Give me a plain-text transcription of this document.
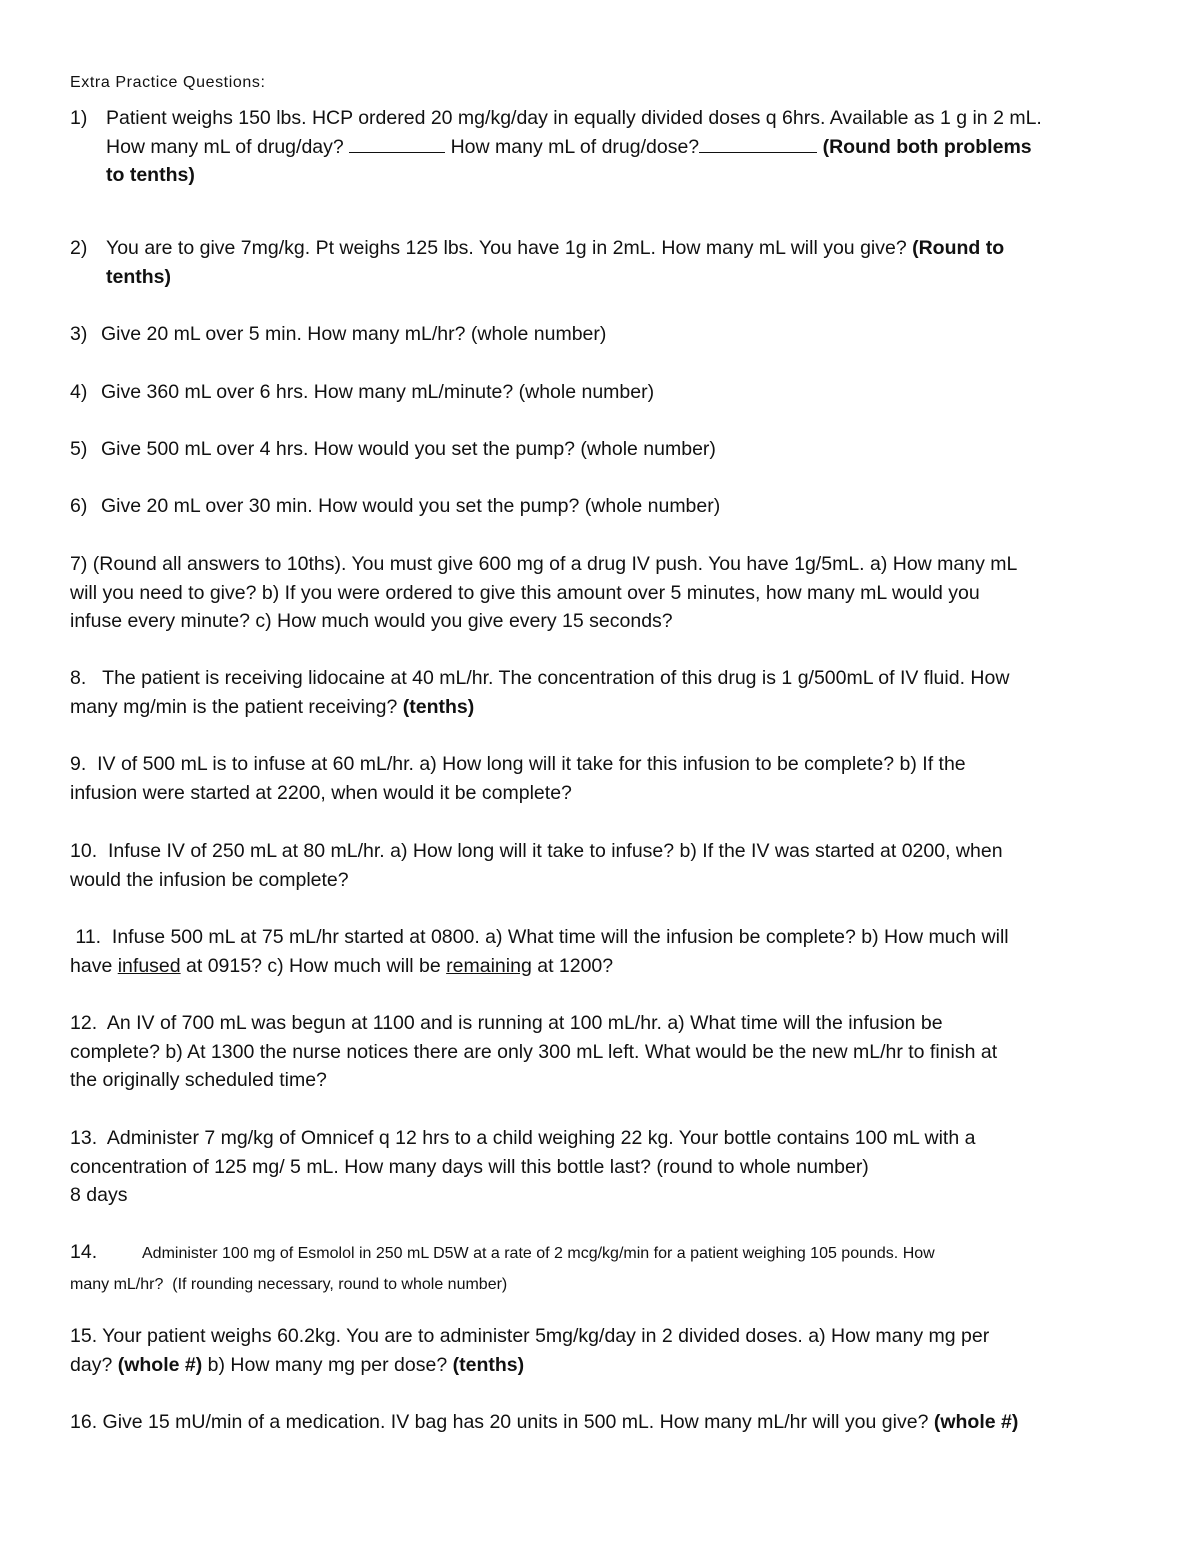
Extra Practice Questions:
1) Patient weighs 150 lbs. HCP ordered 20 mg/kg/day in equally divided doses q 6hrs. Available as 1 g in 2 mL.
How many mL of drug/day?	How many mL of drug/dose?	(Round both problems
to tenths)
2) You are to give 7mg/kg. Pt weighs 125 lbs. You have 1g in 2mL. How many mL will you give? (Round to
tenths)
3) Give 20 mL over 5 min. How many mL/hr? (whole number)
4) Give 360 mL over 6 hrs. How many mL/minute? (whole number)
5) Give 500 mL over 4 hrs. How would you set the pump? (whole number)
6) Give 20 mL over 30 min. How would you set the pump? (whole number)
7) (Round all answers to 10ths). You must give 600 mg of a drug IV push. You have 1g/5mL. a) How many mL
will you need to give? b) If you were ordered to give this amount over 5 minutes, how many mL would you
infuse every minute? c) How much would you give every 15 seconds?
8.   The patient is receiving lidocaine at 40 mL/hr. The concentration of this drug is 1 g/500mL of IV fluid. How
many mg/min is the patient receiving? (tenths)
9.  IV of 500 mL is to infuse at 60 mL/hr. a) How long will it take for this infusion to be complete? b) If the
infusion were started at 2200, when would it be complete?
10.  Infuse IV of 250 mL at 80 mL/hr. a) How long will it take to infuse? b) If the IV was started at 0200, when
would the infusion be complete?
11.  Infuse 500 mL at 75 mL/hr started at 0800. a) What time will the infusion be complete? b) How much will
have infused at 0915? c) How much will be remaining at 1200?
12.  An IV of 700 mL was begun at 1100 and is running at 100 mL/hr. a) What time will the infusion be
complete? b) At 1300 the nurse notices there are only 300 mL left. What would be the new mL/hr to finish at
the originally scheduled time?
13.  Administer 7 mg/kg of Omnicef q 12 hrs to a child weighing 22 kg. Your bottle contains 100 mL with a
concentration of 125 mg/ 5 mL. How many days will this bottle last? (round to whole number)
8 days
14.	Administer 100 mg of Esmolol in 250 mL D5W at a rate of 2 mcg/kg/min for a patient weighing 105 pounds. How
many mL/hr?  (If rounding necessary, round to whole number)
15. Your patient weighs 60.2kg. You are to administer 5mg/kg/day in 2 divided doses. a) How many mg per
day? (whole #) b) How many mg per dose? (tenths)
16. Give 15 mU/min of a medication. IV bag has 20 units in 500 mL. How many mL/hr will you give? (whole #)
